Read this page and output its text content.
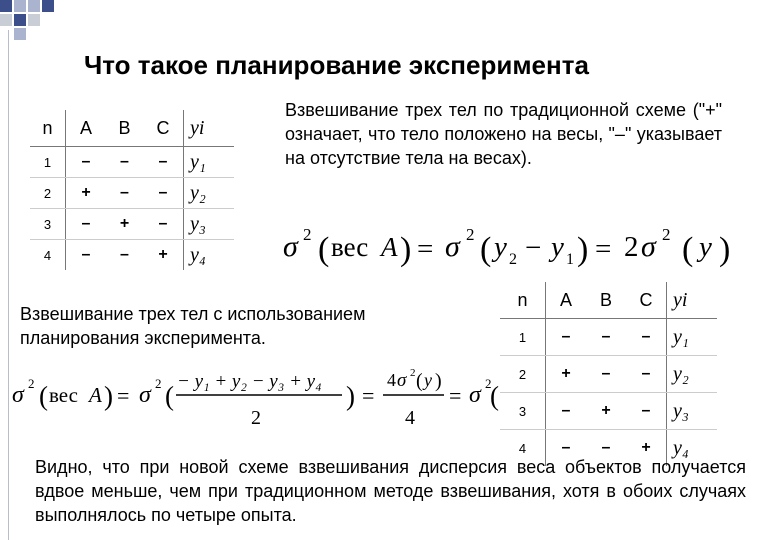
Что такое планирование эксперимента
n	A	B	C	yi
1	–	–	–	y₁
2	+	–	–	y₂
3	–	+	–	y₃
4	–	–	+	y₄
Взвешивание трех тел по традиционной схеме ("+" означает, что тело положено на весы, "–" указывает на отсутствие тела на весах).
σ 2 ( вес A ) = σ 2 ( y 2 − y 1 ) = 2 σ 2 ( y )
Взвешивание трех тел с использованием планирования эксперимента.
n	A	B	C	yi
1	–	–	–	y₁
2	+	–	–	y₂
3	–	+	–	y₃
4	–	–	+	y₄
σ 2 ( вес A ) = σ 2 ( − y₁ + y₂ − y₃ + y₄
2
) =
4 σ 2 ( y )
4
= σ 2
(
Видно, что при новой схеме взвешивания дисперсия веса объектов получается вдвое меньше, чем при традиционном методе взвешивания, хотя в обоих случаях выполнялось по четыре опыта.
